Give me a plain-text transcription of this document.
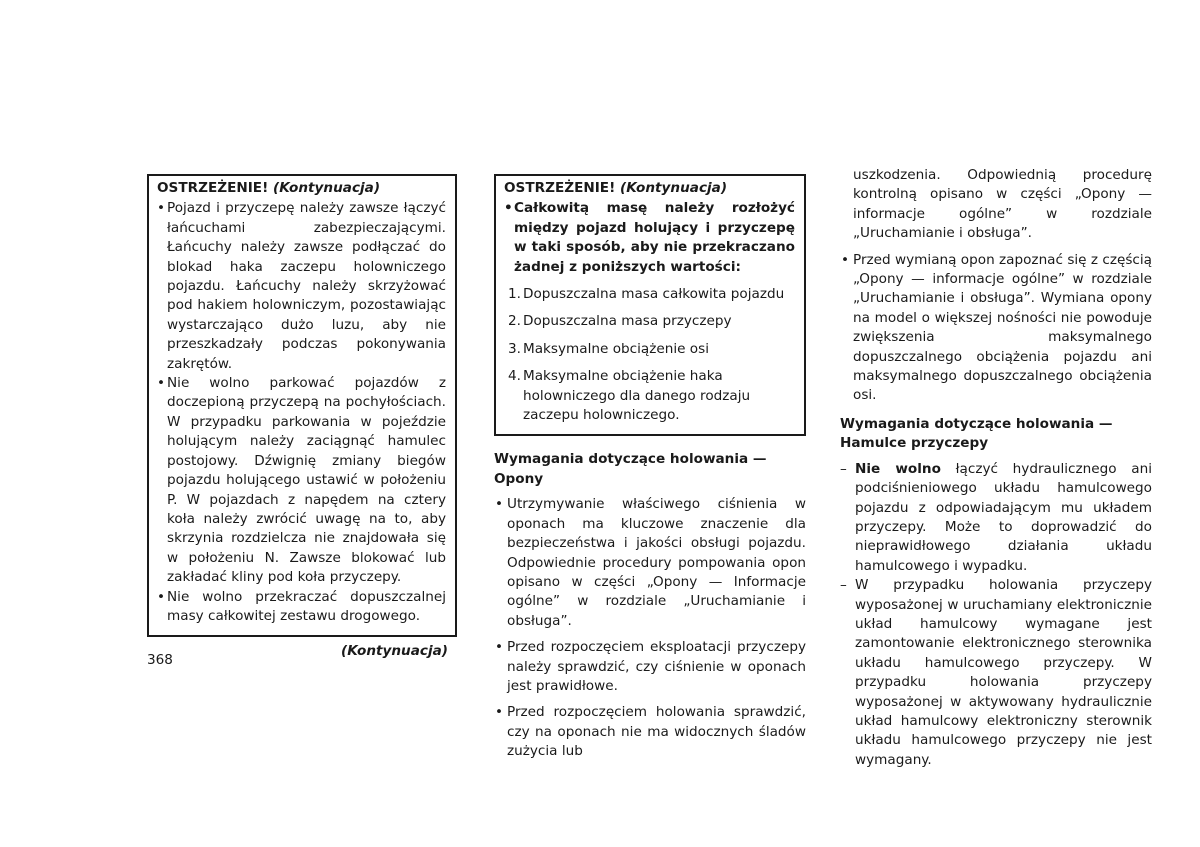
OSTRZEŻENIE! (Kontynuacja)
• Pojazd i przyczepę należy zawsze łączyć łańcuchami zabezpieczającymi. Łańcuchy należy zawsze podłączać do blokad haka zaczepu holowniczego pojazdu. Łańcuchy należy skrzyżować pod hakiem holowniczym, pozostawiając wystarczająco dużo luzu, aby nie przeszkadzały podczas pokonywania zakrętów.
• Nie wolno parkować pojazdów z doczepioną przyczepą na pochyłościach. W przypadku parkowania w pojeździe holującym należy zaciągnąć hamulec postojowy. Dźwignię zmiany biegów pojazdu holującego ustawić w położeniu P. W pojazdach z napędem na cztery koła należy zwrócić uwagę na to, aby skrzynia rozdzielcza nie znajdowała się w położeniu N. Zawsze blokować lub zakładać kliny pod koła przyczepy.
• Nie wolno przekraczać dopuszczalnej masy całkowitej zestawu drogowego.
(Kontynuacja)
OSTRZEŻENIE! (Kontynuacja)
• Całkowitą masę należy rozłożyć między pojazd holujący i przyczepę w taki sposób, aby nie przekraczano żadnej z poniższych wartości:
1. Dopuszczalna masa całkowita pojazdu
2. Dopuszczalna masa przyczepy
3. Maksymalne obciążenie osi
4. Maksymalne obciążenie haka holowniczego dla danego rodzaju zaczepu holowniczego.
Wymagania dotyczące holowania — Opony
• Utrzymywanie właściwego ciśnienia w oponach ma kluczowe znaczenie dla bezpieczeństwa i jakości obsługi pojazdu. Odpowiednie procedury pompowania opon opisano w części „Opony — Informacje ogólne” w rozdziale „Uruchamianie i obsługa”.
• Przed rozpoczęciem eksploatacji przyczepy należy sprawdzić, czy ciśnienie w oponach jest prawidłowe.
• Przed rozpoczęciem holowania sprawdzić, czy na oponach nie ma widocznych śladów zużycia lub
uszkodzenia. Odpowiednią procedurę kontrolną opisano w części „Opony — informacje ogólne” w rozdziale „Uruchamianie i obsługa”.
• Przed wymianą opon zapoznać się z częścią „Opony — informacje ogólne” w rozdziale „Uruchamianie i obsługa”. Wymiana opony na model o większej nośności nie powoduje zwiększenia maksymalnego dopuszczalnego obciążenia pojazdu ani maksymalnego dopuszczalnego obciążenia osi.
Wymagania dotyczące holowania —
Hamulce przyczepy
– Nie wolno łączyć hydraulicznego ani podciśnieniowego układu hamulcowego pojazdu z odpowiadającym mu układem przyczepy. Może to doprowadzić do nieprawidłowego działania układu hamulcowego i wypadku.
– W przypadku holowania przyczepy wyposażonej w uruchamiany elektronicznie układ hamulcowy wymagane jest zamontowanie elektronicznego sterownika układu hamulcowego przyczepy. W przypadku holowania przyczepy wyposażonej w aktywowany hydraulicznie układ hamulcowy elektroniczny sterownik układu hamulcowego przyczepy nie jest wymagany.
368
